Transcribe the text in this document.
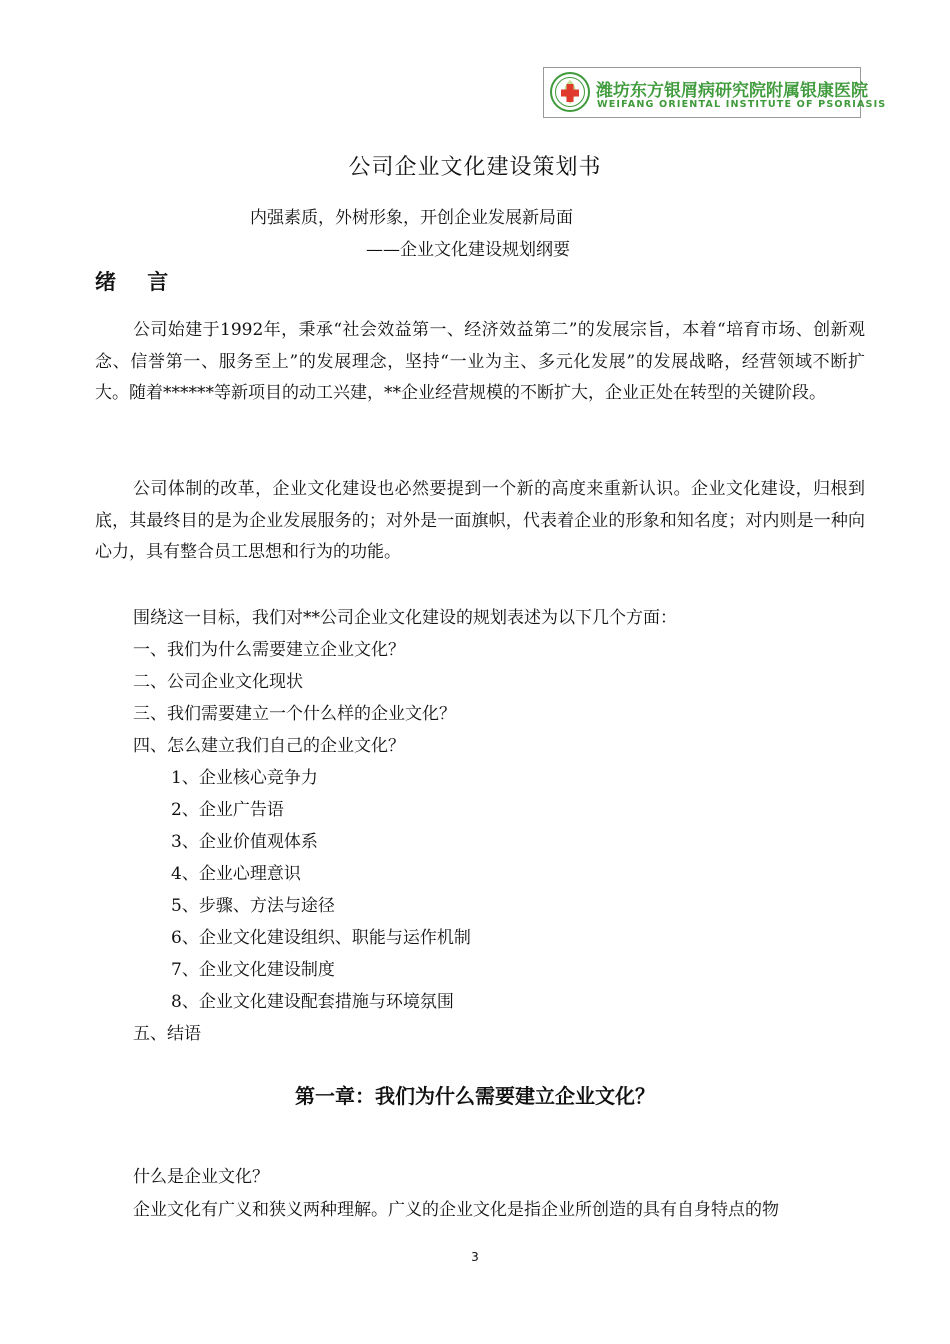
潍坊东方银屑病研究院附属银康医院
WEIFANG ORIENTAL INSTITUTE OF PSORIASIS
公司企业文化建设策划书
内强素质，外树形象，开创企业发展新局面
——企业文化建设规划纲要
绪 言

公司始建于1992年，秉承“社会效益第一、经济效益第二”的发展宗旨，本着“培育市场、创新观念、信誉第一、服务至上”的发展理念，坚持“一业为主、多元化发展”的发展战略，经营领域不断扩大。随着******等新项目的动工兴建，**企业经营规模的不断扩大，企业正处在转型的关键阶段。

公司体制的改革，企业文化建设也必然要提到一个新的高度来重新认识。企业文化建设，归根到底，其最终目的是为企业发展服务的；对外是一面旗帜，代表着企业的形象和知名度；对内则是一种向心力，具有整合员工思想和行为的功能。

围绕这一目标，我们对**公司企业文化建设的规划表述为以下几个方面：
一、我们为什么需要建立企业文化？
二、公司企业文化现状
三、我们需要建立一个什么样的企业文化？
四、怎么建立我们自己的企业文化？
1、企业核心竞争力
2、企业广告语
3、企业价值观体系
4、企业心理意识
5、步骤、方法与途径
6、企业文化建设组织、职能与运作机制
7、企业文化建设制度
8、企业文化建设配套措施与环境氛围
五、结语
第一章：我们为什么需要建立企业文化？
什么是企业文化？
企业文化有广义和狭义两种理解。广义的企业文化是指企业所创造的具有自身特点的物
3
